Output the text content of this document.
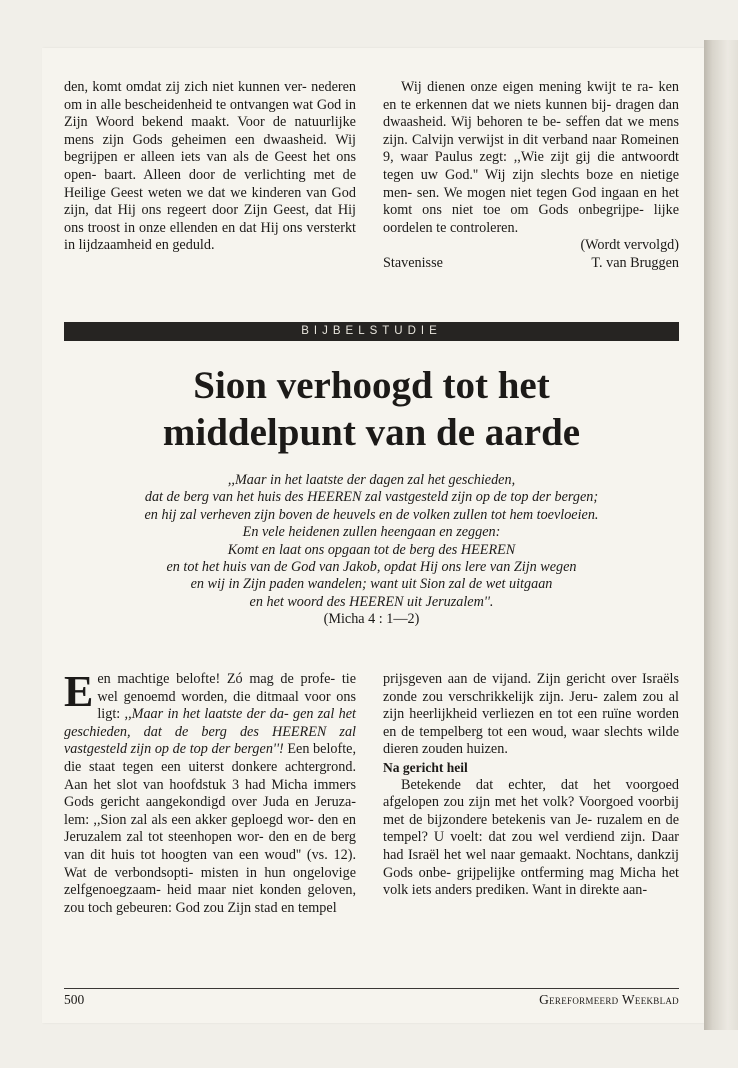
den, komt omdat zij zich niet kunnen ver- nederen om in alle bescheidenheid te ontvangen wat God in Zijn Woord bekend maakt. Voor de natuurlijke mens zijn Gods geheimen een dwaasheid. Wij begrijpen er alleen iets van als de Geest het ons open- baart. Alleen door de verlichting met de Heilige Geest weten we dat we kinderen van God zijn, dat Hij ons regeert door Zijn Geest, dat Hij ons troost in onze ellenden en dat Hij ons versterkt in lijdzaamheid en geduld.

Wij dienen onze eigen mening kwijt te ra- ken en te erkennen dat we niets kunnen bij- dragen dan dwaasheid. Wij behoren te be- seffen dat we mens zijn. Calvijn verwijst in dit verband naar Romeinen 9, waar Paulus zegt: ,,Wie zijt gij die antwoordt tegen uw God.'' Wij zijn slechts boze en nietige men- sen. We mogen niet tegen God ingaan en het komt ons niet toe om Gods onbegrijpe- lijke oordelen te controleren.

(Wordt vervolgd)

Stavenisse	T. van Bruggen
BIJBELSTUDIE
Sion verhoogd tot het
middelpunt van de aarde
,,Maar in het laatste der dagen zal het geschieden,
dat de berg van het huis des HEEREN zal vastgesteld zijn op de top der bergen;
en hij zal verheven zijn boven de heuvels en de volken zullen tot hem toevloeien.
En vele heidenen zullen heengaan en zeggen:
Komt en laat ons opgaan tot de berg des HEEREN
en tot het huis van de God van Jakob, opdat Hij ons lere van Zijn wegen
en wij in Zijn paden wandelen; want uit Sion zal de wet uitgaan
en het woord des HEEREN uit Jeruzalem''.
(Micha 4 : 1—2)

Een machtige belofte! Zó mag de profe- tie wel genoemd worden, die ditmaal voor ons ligt: ,,Maar in het laatste der da- gen zal het geschieden, dat de berg des HEEREN zal vastgesteld zijn op de top der bergen''! Een belofte, die staat tegen een uiterst donkere achtergrond. Aan het slot van hoofdstuk 3 had Micha immers Gods gericht aangekondigd over Juda en Jeruza- lem: ,,Sion zal als een akker geploegd wor- den en Jeruzalem zal tot steenhopen wor- den en de berg van dit huis tot hoogten van een woud'' (vs. 12). Wat de verbondsopti- misten in hun ongelovige zelfgenoegzaam- heid maar niet konden geloven, zou toch gebeuren: God zou Zijn stad en tempel

prijsgeven aan de vijand. Zijn gericht over Israëls zonde zou verschrikkelijk zijn. Jeru- zalem zou al zijn heerlijkheid verliezen en tot een ruïne worden en de tempelberg tot een woud, waar slechts wilde dieren zouden huizen.

Na gericht heil

Betekende dat echter, dat het voorgoed afgelopen zou zijn met het volk? Voorgoed voorbij met de bijzondere betekenis van Je- ruzalem en de tempel? U voelt: dat zou wel verdiend zijn. Daar had Israël het wel naar gemaakt. Nochtans, dankzij Gods onbe- grijpelijke ontferming mag Micha het volk iets anders prediken. Want in direkte aan-

500	Gereformeerd Weekblad
